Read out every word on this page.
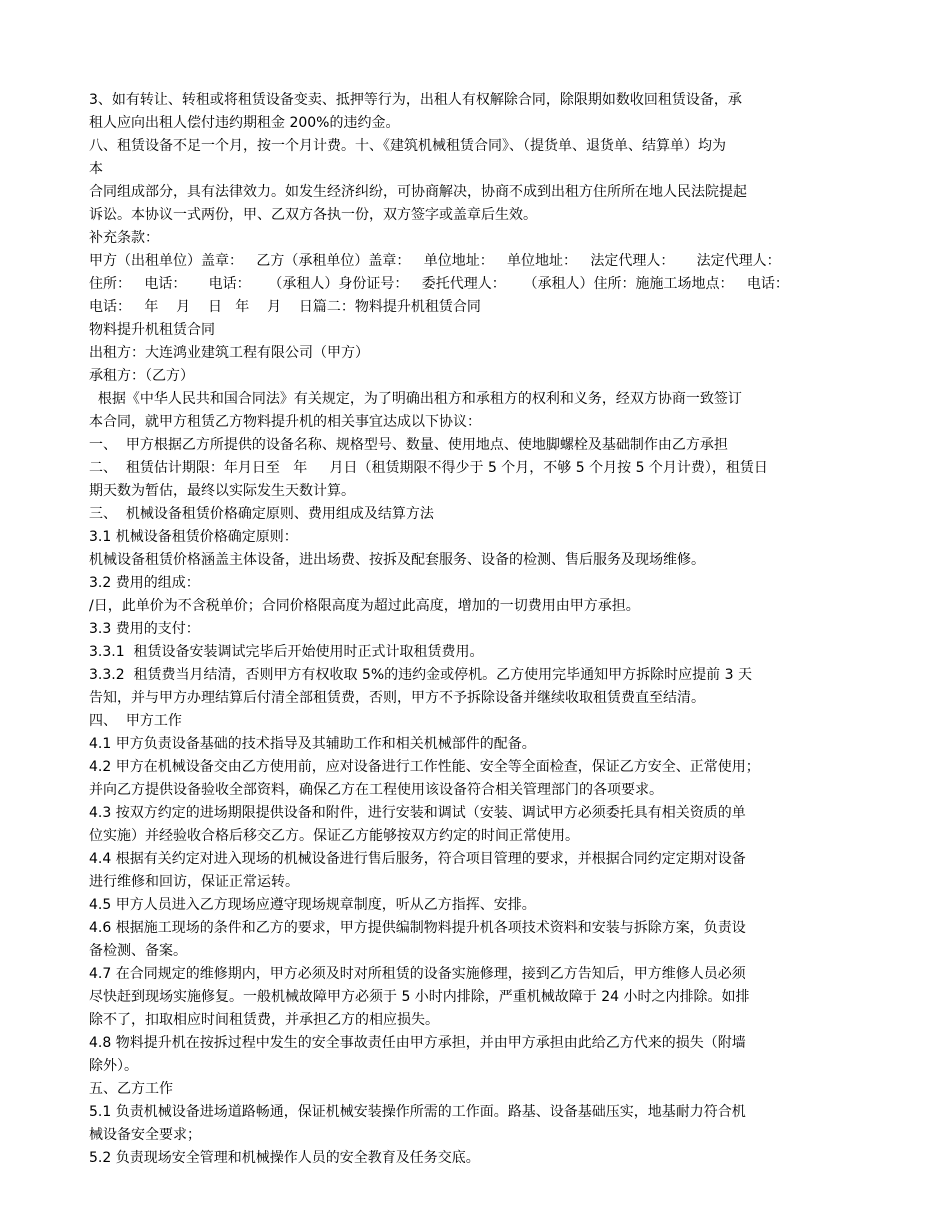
3、如有转让、转租或将租赁设备变卖、抵押等行为，出租人有权解除合同，除限期如数收回租赁设备，承
租人应向出租人偿付违约期租金 200%的违约金。
八、租赁设备不足一个月，按一个月计费。十、《建筑机械租赁合同》、（提货单、退货单、结算单）均为
本
合同组成部分，具有法律效力。如发生经济纠纷，可协商解决，协商不成到出租方住所所在地人民法院提起
诉讼。本协议一式两份，甲、乙双方各执一份，双方签字或盖章后生效。
补充条款：
甲方（出租单位）盖章：   乙方（承租单位）盖章：   单位地址：   单位地址：   法定代理人：     法定代理人：
住所：   电话：     电话：    （承租人）身份证号：   委托代理人：    （承租人）住所：施施工场地点：   电话：
电话：   年    月    日   年    月    日篇二：物料提升机租赁合同
物料提升机租赁合同
出租方：大连鸿业建筑工程有限公司（甲方）
承租方：（乙方）
根据《中华人民共和国合同法》有关规定，为了明确出租方和承租方的权利和义务，经双方协商一致签订
本合同，就甲方租赁乙方物料提升机的相关事宜达成以下协议：
一、  甲方根据乙方所提供的设备名称、规格型号、数量、使用地点、使地脚螺栓及基础制作由乙方承担
二、  租赁估计期限：年月日至   年     月日（租赁期限不得少于 5 个月，不够 5 个月按 5 个月计费），租赁日
期天数为暂估，最终以实际发生天数计算。
三、  机械设备租赁价格确定原则、费用组成及结算方法
3.1 机械设备租赁价格确定原则：
机械设备租赁价格涵盖主体设备，进出场费、按拆及配套服务、设备的检测、售后服务及现场维修。
3.2 费用的组成：
/日，此单价为不含税单价；合同价格限高度为超过此高度，增加的一切费用由甲方承担。
3.3 费用的支付：
3.3.1  租赁设备安装调试完毕后开始使用时正式计取租赁费用。
3.3.2  租赁费当月结清，否则甲方有权收取 5%的违约金或停机。乙方使用完毕通知甲方拆除时应提前 3 天
告知，并与甲方办理结算后付清全部租赁费，否则，甲方不予拆除设备并继续收取租赁费直至结清。
四、  甲方工作
4.1 甲方负责设备基础的技术指导及其辅助工作和相关机械部件的配备。
4.2 甲方在机械设备交由乙方使用前，应对设备进行工作性能、安全等全面检查，保证乙方安全、正常使用；
并向乙方提供设备验收全部资料，确保乙方在工程使用该设备符合相关管理部门的各项要求。
4.3 按双方约定的进场期限提供设备和附件，进行安装和调试（安装、调试甲方必须委托具有相关资质的单
位实施）并经验收合格后移交乙方。保证乙方能够按双方约定的时间正常使用。
4.4 根据有关约定对进入现场的机械设备进行售后服务，符合项目管理的要求，并根据合同约定定期对设备
进行维修和回访，保证正常运转。
4.5 甲方人员进入乙方现场应遵守现场规章制度，听从乙方指挥、安排。
4.6 根据施工现场的条件和乙方的要求，甲方提供编制物料提升机各项技术资料和安装与拆除方案，负责设
备检测、备案。
4.7 在合同规定的维修期内，甲方必须及时对所租赁的设备实施修理，接到乙方告知后，甲方维修人员必须
尽快赶到现场实施修复。一般机械故障甲方必须于 5 小时内排除，严重机械故障于 24 小时之内排除。如排
除不了，扣取相应时间租赁费，并承担乙方的相应损失。
4.8 物料提升机在按拆过程中发生的安全事故责任由甲方承担，并由甲方承担由此给乙方代来的损失（附墙
除外）。
五、乙方工作
5.1 负责机械设备进场道路畅通，保证机械安装操作所需的工作面。路基、设备基础压实，地基耐力符合机
械设备安全要求；
5.2 负责现场安全管理和机械操作人员的安全教育及任务交底。
